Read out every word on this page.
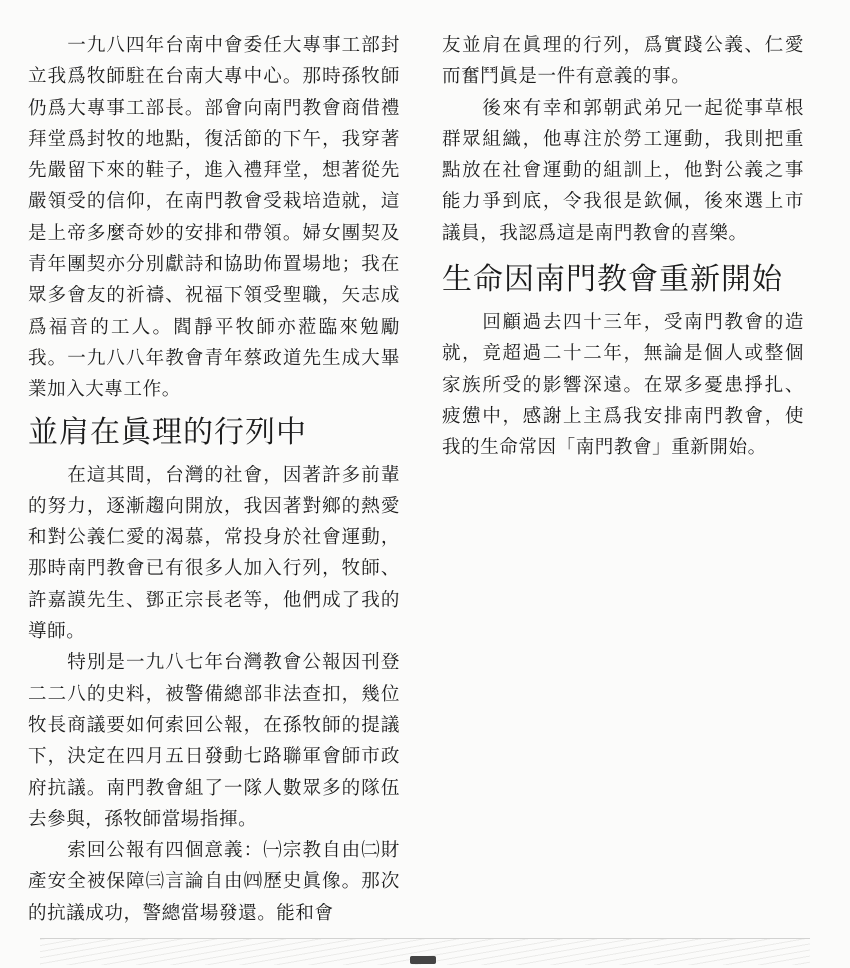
　　一九八四年台南中會委任大專事工部封立我爲牧師駐在台南大專中心。那時孫牧師仍爲大專事工部長。部會向南門教會商借禮拜堂爲封牧的地點，復活節的下午，我穿著先嚴留下來的鞋子，進入禮拜堂，想著從先嚴領受的信仰，在南門教會受栽培造就，這是上帝多麼奇妙的安排和帶領。婦女團契及青年團契亦分別獻詩和協助佈置場地；我在眾多會友的祈禱、祝福下領受聖職，矢志成爲福音的工人。閻靜平牧師亦蒞臨來勉勵我。一九八八年教會青年蔡政道先生成大畢業加入大專工作。

並肩在眞理的行列中

　　在這其間，台灣的社會，因著許多前輩的努力，逐漸趨向開放，我因著對鄉的熱愛和對公義仁愛的渴慕，常投身於社會運動，那時南門教會已有很多人加入行列，牧師、許嘉謨先生、鄧正宗長老等，他們成了我的導師。

　　特別是一九八七年台灣教會公報因刊登二二八的史料，被警備總部非法查扣，幾位牧長商議要如何索回公報，在孫牧師的提議下，決定在四月五日發動七路聯軍會師市政府抗議。南門教會組了一隊人數眾多的隊伍去參與，孫牧師當場指揮。

　　索回公報有四個意義：㈠宗教自由㈡財產安全被保障㈢言論自由㈣歷史眞像。那次的抗議成功，警總當場發還。能和會

友並肩在眞理的行列，爲實踐公義、仁愛而奮鬥眞是一件有意義的事。

　　後來有幸和郭朝武弟兄一起從事草根群眾組織，他專注於勞工運動，我則把重點放在社會運動的組訓上，他對公義之事能力爭到底，令我很是欽佩，後來選上市議員，我認爲這是南門教會的喜樂。

生命因南門教會重新開始

　　回顧過去四十三年，受南門教會的造就，竟超過二十二年，無論是個人或整個家族所受的影響深遠。在眾多憂患掙扎、疲憊中，感謝上主爲我安排南門教會，使我的生命常因「南門教會」重新開始。
